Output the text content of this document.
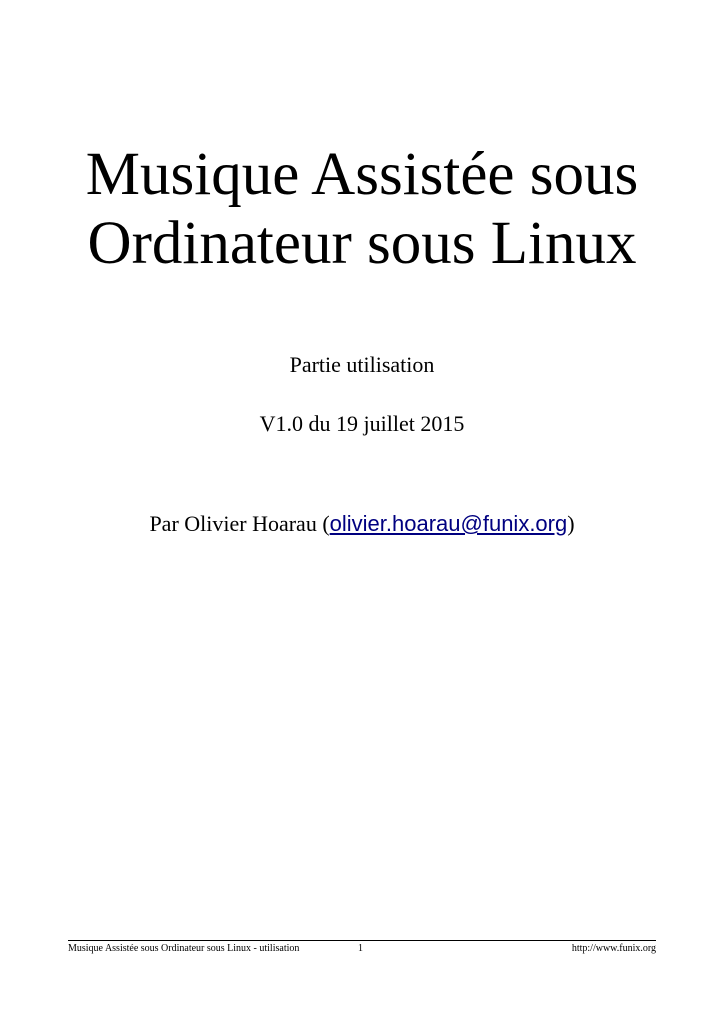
Musique Assistée sous
Ordinateur sous Linux
Partie utilisation
V1.0 du 19 juillet 2015
Par Olivier Hoarau (olivier.hoarau@funix.org)
Musique Assistée sous Ordinateur sous Linux - utilisation	1	http://www.funix.org
